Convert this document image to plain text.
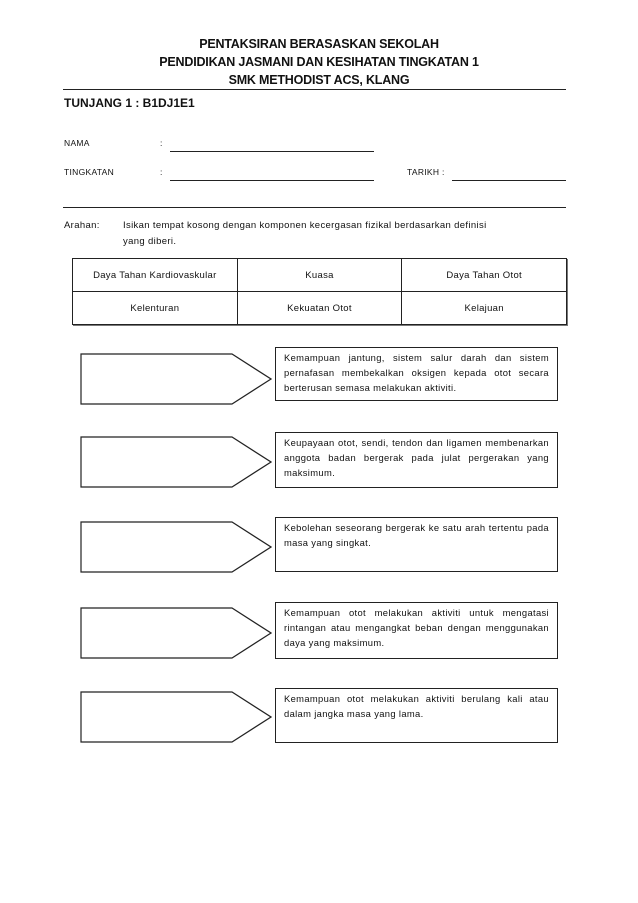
PENTAKSIRAN BERASASKAN SEKOLAH
PENDIDIKAN JASMANI DAN KESIHATAN TINGKATAN 1
SMK METHODIST ACS, KLANG
TUNJANG 1 : B1DJ1E1
NAMA	:
TINGKATAN	:	TARIKH :
Arahan: Isikan tempat kosong dengan komponen kecergasan fizikal berdasarkan definisi
yang diberi.
Daya Tahan Kardiovaskular	Kuasa	Daya Tahan Otot
Kelenturan	Kekuatan Otot	Kelajuan
Kemampuan jantung, sistem salur darah dan sistem pernafasan membekalkan oksigen kepada otot secara berterusan semasa melakukan aktiviti.
Keupayaan otot, sendi, tendon dan ligamen membenarkan anggota badan bergerak pada julat pergerakan yang maksimum.
Kebolehan seseorang bergerak ke satu arah tertentu pada masa yang singkat.
Kemampuan otot melakukan aktiviti untuk mengatasi rintangan atau mengangkat beban dengan menggunakan daya yang maksimum.
Kemampuan otot melakukan aktiviti berulang kali atau dalam jangka masa yang lama.
